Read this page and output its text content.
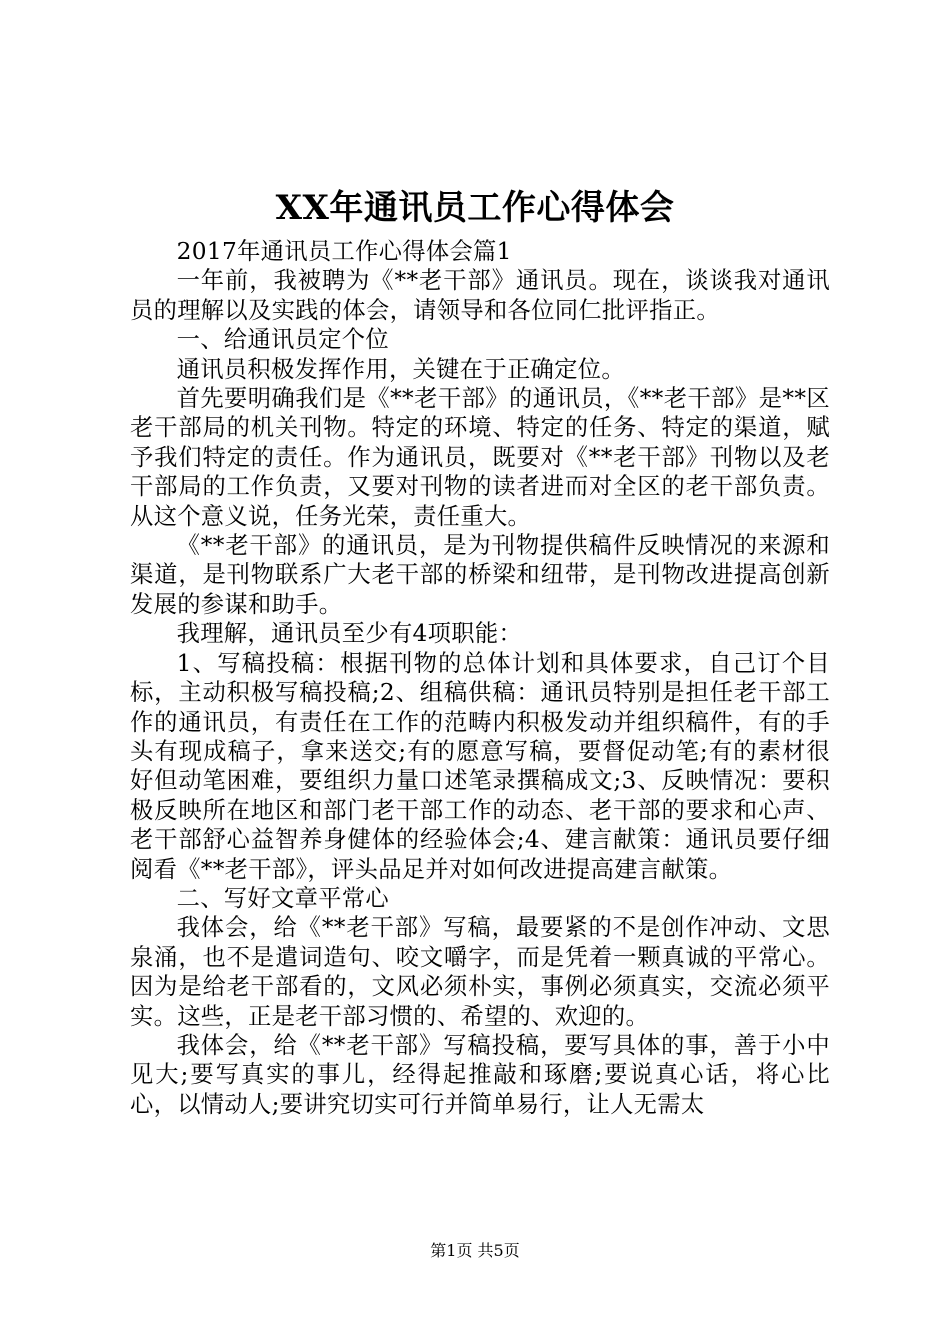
XX年通讯员工作心得体会

2017年通讯员工作心得体会篇1

一年前，我被聘为《**老干部》通讯员。现在，谈谈我对通讯员的理解以及实践的体会，请领导和各位同仁批评指正。

一、给通讯员定个位

通讯员积极发挥作用，关键在于正确定位。

首先要明确我们是《**老干部》的通讯员，《**老干部》是**区老干部局的机关刊物。特定的环境、特定的任务、特定的渠道，赋予我们特定的责任。作为通讯员，既要对《**老干部》刊物以及老干部局的工作负责，又要对刊物的读者进而对全区的老干部负责。从这个意义说，任务光荣，责任重大。

《**老干部》的通讯员，是为刊物提供稿件反映情况的来源和渠道，是刊物联系广大老干部的桥梁和纽带，是刊物改进提高创新发展的参谋和助手。

我理解，通讯员至少有4项职能：

1、写稿投稿：根据刊物的总体计划和具体要求，自己订个目标，主动积极写稿投稿;2、组稿供稿：通讯员特别是担任老干部工作的通讯员，有责任在工作的范畴内积极发动并组织稿件，有的手头有现成稿子，拿来送交;有的愿意写稿，要督促动笔;有的素材很好但动笔困难，要组织力量口述笔录撰稿成文;3、反映情况：要积极反映所在地区和部门老干部工作的动态、老干部的要求和心声、老干部舒心益智养身健体的经验体会;4、建言献策：通讯员要仔细阅看《**老干部》，评头品足并对如何改进提高建言献策。

二、写好文章平常心

我体会，给《**老干部》写稿，最要紧的不是创作冲动、文思泉涌，也不是遣词造句、咬文嚼字，而是凭着一颗真诚的平常心。因为是给老干部看的，文风必须朴实，事例必须真实，交流必须平实。这些，正是老干部习惯的、希望的、欢迎的。

我体会，给《**老干部》写稿投稿，要写具体的事，善于小中见大;要写真实的事儿，经得起推敲和琢磨;要说真心话，将心比心，以情动人;要讲究切实可行并简单易行，让人无需太

第1页 共5页
